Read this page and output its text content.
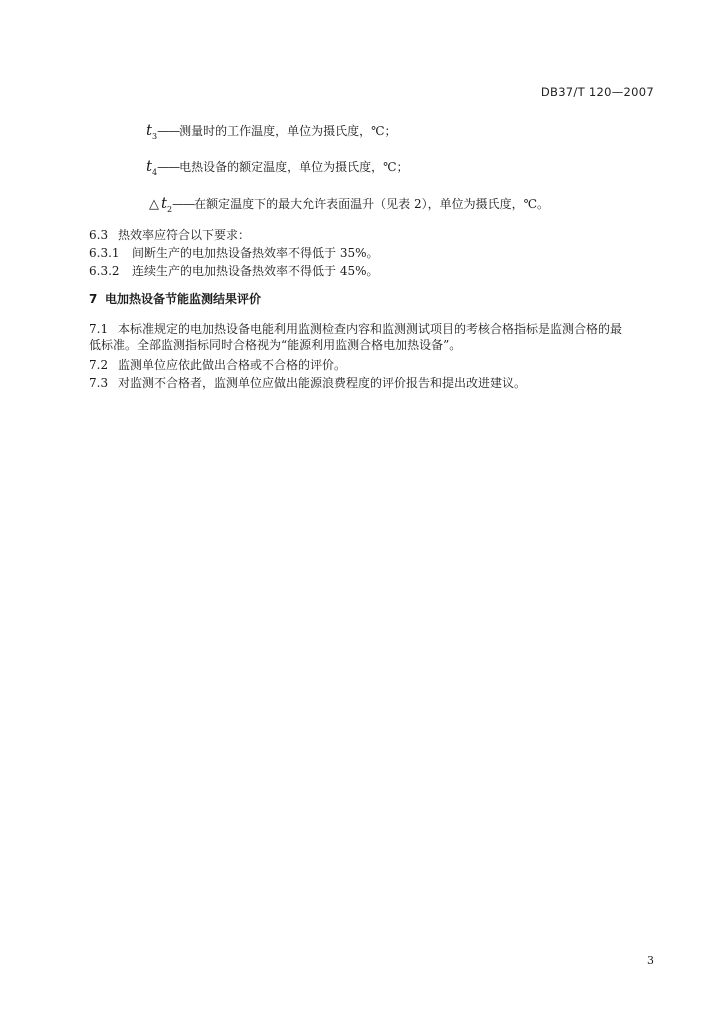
DB37/T 120—2007
$t_3——$测量时的工作温度，单位为摄氏度，℃；
$t_4——$电热设备的额定温度，单位为摄氏度，℃；
△ $t_2——$在额定温度下的最大允许表面温升（见表 2），单位为摄氏度，℃。
6.3 热效率应符合以下要求：
6.3.1 间断生产的电加热设备热效率不得低于 35%。
6.3.2 连续生产的电加热设备热效率不得低于 45%。
7 电加热设备节能监测结果评价
7.1 本标准规定的电加热设备电能利用监测检查内容和监测测试项目的考核合格指标是监测合格的最
低标准。全部监测指标同时合格视为“能源利用监测合格电加热设备”。
7.2 监测单位应依此做出合格或不合格的评价。
7.3 对监测不合格者，监测单位应做出能源浪费程度的评价报告和提出改进建议。
3
